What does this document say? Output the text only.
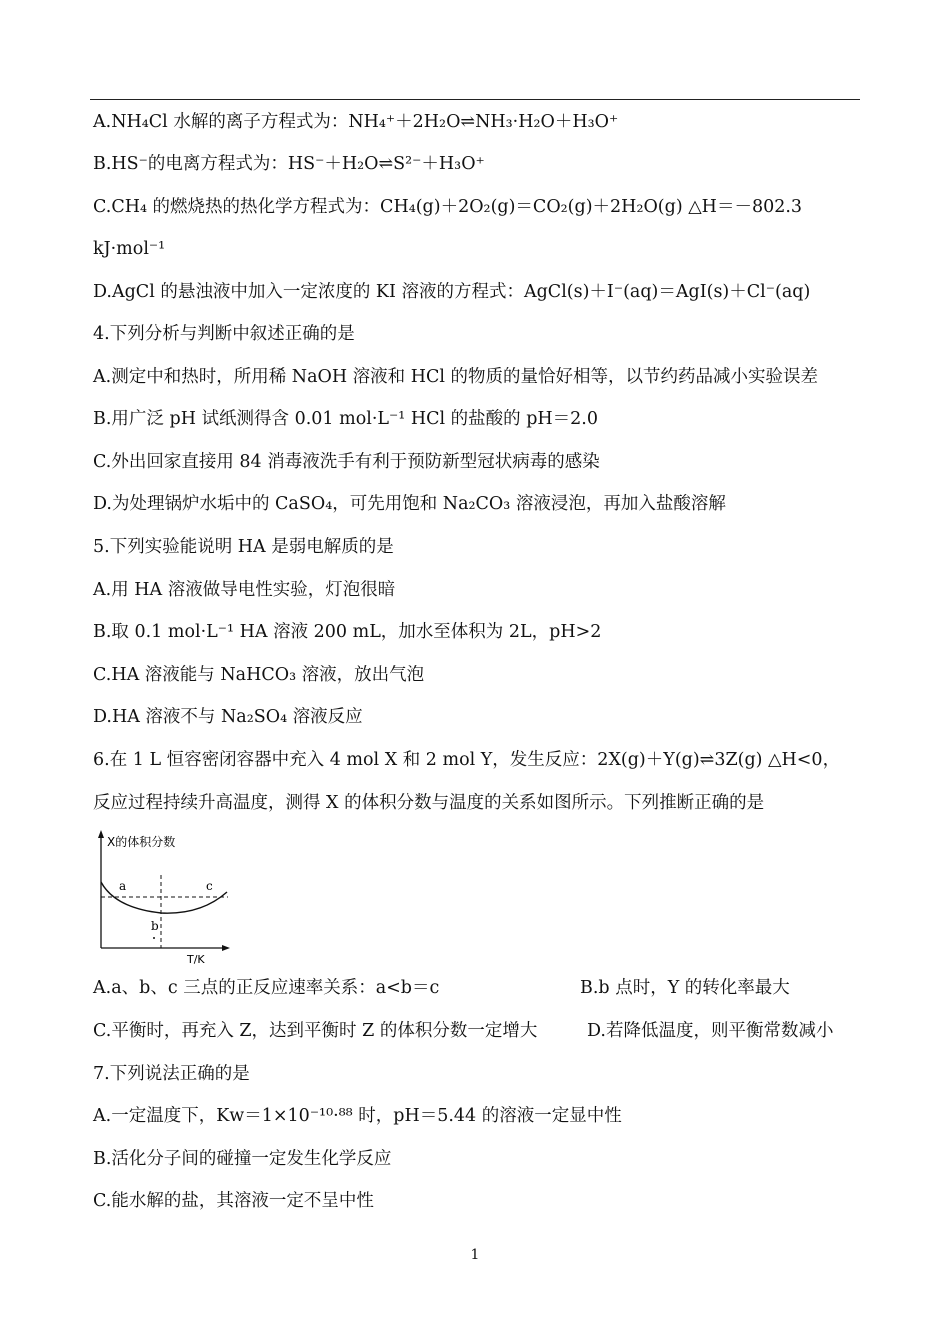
A.NH₄Cl 水解的离子方程式为：NH₄⁺＋2H₂O⇌NH₃·H₂O＋H₃O⁺
B.HS⁻的电离方程式为：HS⁻＋H₂O⇌S²⁻＋H₃O⁺
C.CH₄ 的燃烧热的热化学方程式为：CH₄(g)＋2O₂(g)＝CO₂(g)＋2H₂O(g) △H＝－802.3
kJ·mol⁻¹
D.AgCl 的悬浊液中加入一定浓度的 KI 溶液的方程式：AgCl(s)＋I⁻(aq)＝AgI(s)＋Cl⁻(aq)
4.下列分析与判断中叙述正确的是
A.测定中和热时，所用稀 NaOH 溶液和 HCl 的物质的量恰好相等，以节约药品减小实验误差
B.用广泛 pH 试纸测得含 0.01 mol·L⁻¹ HCl 的盐酸的 pH＝2.0
C.外出回家直接用 84 消毒液洗手有利于预防新型冠状病毒的感染
D.为处理锅炉水垢中的 CaSO₄，可先用饱和 Na₂CO₃ 溶液浸泡，再加入盐酸溶解
5.下列实验能说明 HA 是弱电解质的是
A.用 HA 溶液做导电性实验，灯泡很暗
B.取 0.1 mol·L⁻¹ HA 溶液 200 mL，加水至体积为 2L，pH>2
C.HA 溶液能与 NaHCO₃ 溶液，放出气泡
D.HA 溶液不与 Na₂SO₄ 溶液反应
6.在 1 L 恒容密闭容器中充入 4 mol X 和 2 mol Y，发生反应：2X(g)＋Y(g)⇌3Z(g) △H<0，
反应过程持续升高温度，测得 X 的体积分数与温度的关系如图所示。下列推断正确的是
X的体积分数
a
b
c
T/K
A.a、b、c 三点的正反应速率关系：a<b＝c	B.b 点时，Y 的转化率最大
C.平衡时，再充入 Z，达到平衡时 Z 的体积分数一定增大	D.若降低温度，则平衡常数减小
7.下列说法正确的是
A.一定温度下，Kw＝1×10⁻¹⁰·⁸⁸ 时，pH＝5.44 的溶液一定显中性
B.活化分子间的碰撞一定发生化学反应
C.能水解的盐，其溶液一定不呈中性
1
